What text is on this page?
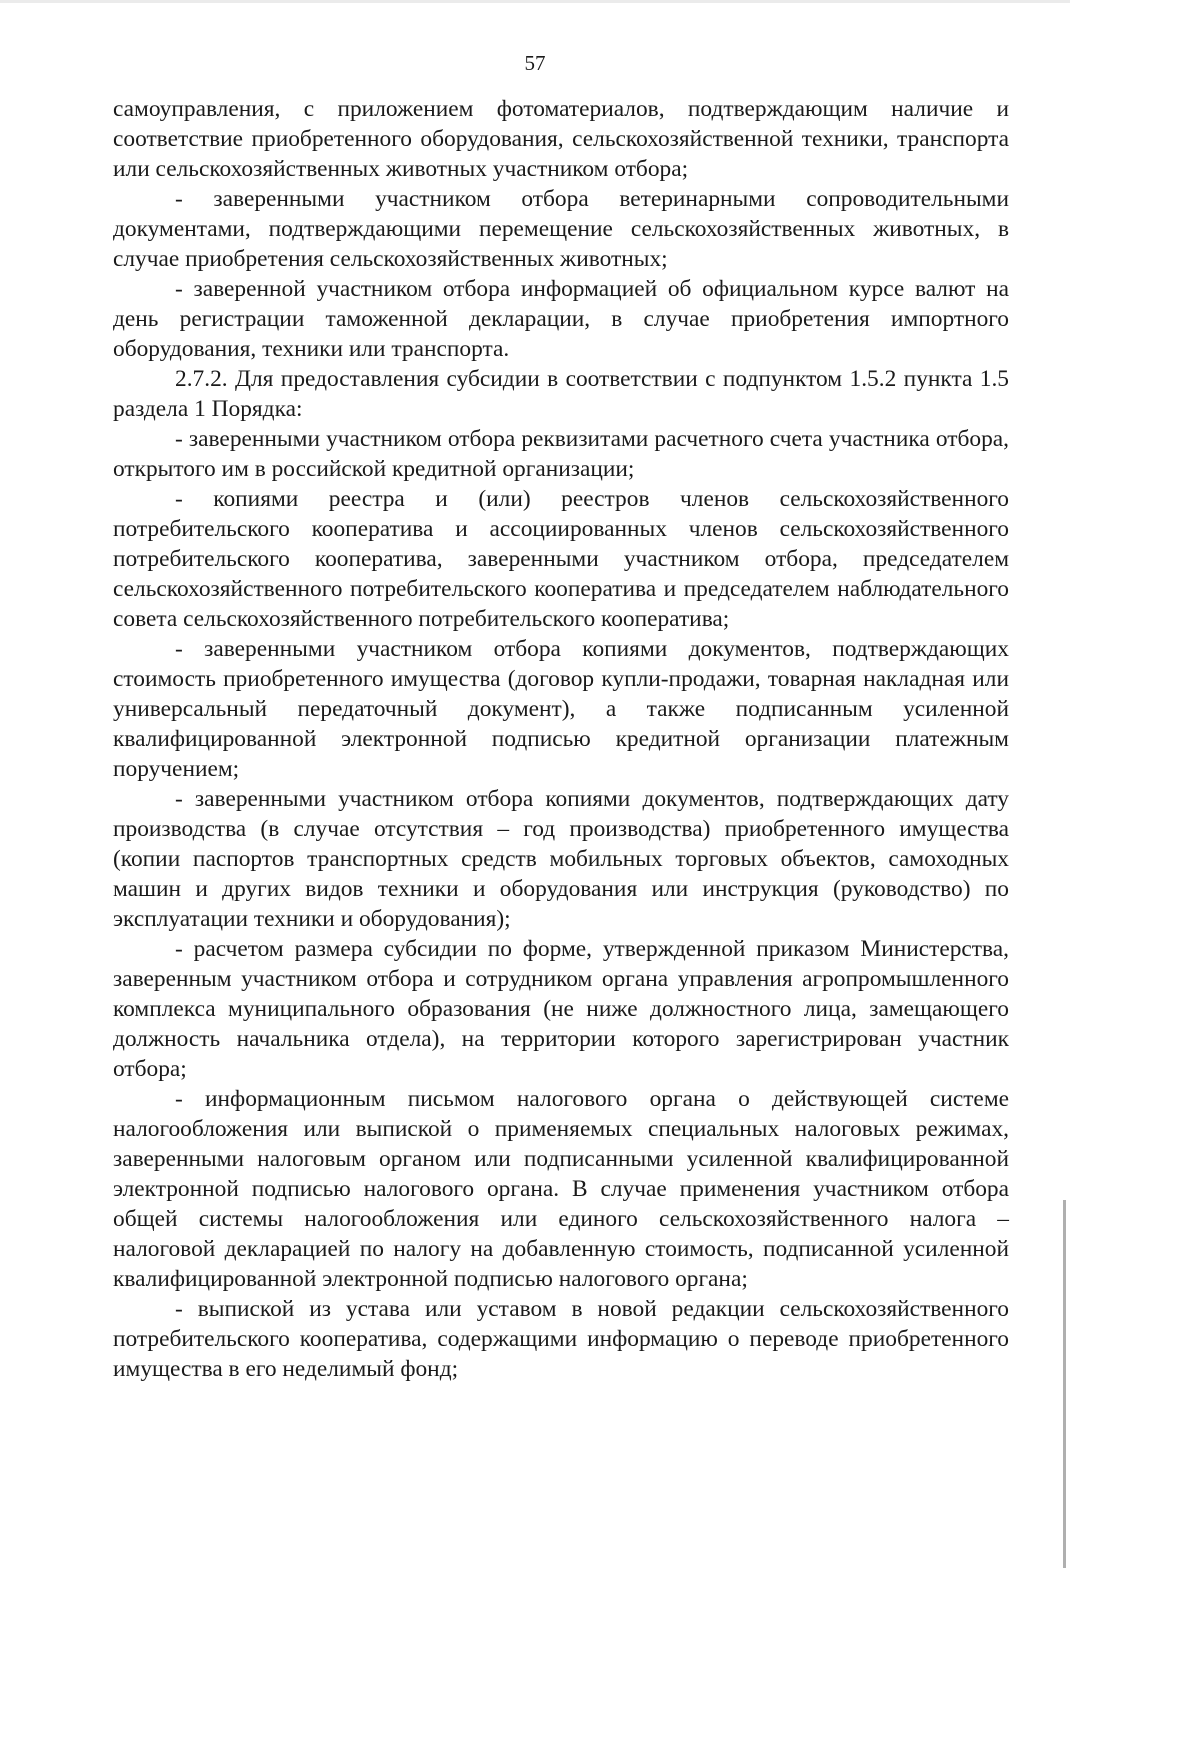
57

самоуправления, с приложением фотоматериалов, подтверждающим наличие и соответствие приобретенного оборудования, сельскохозяйственной техники, транспорта или сельскохозяйственных животных участником отбора;

- заверенными участником отбора ветеринарными сопроводительными документами, подтверждающими перемещение сельскохозяйственных животных, в случае приобретения сельскохозяйственных животных;

- заверенной участником отбора информацией об официальном курсе валют на день регистрации таможенной декларации, в случае приобретения импортного оборудования, техники или транспорта.

2.7.2. Для предоставления субсидии в соответствии с подпунктом 1.5.2 пункта 1.5 раздела 1 Порядка:

- заверенными участником отбора реквизитами расчетного счета участника отбора, открытого им в российской кредитной организации;

- копиями реестра и (или) реестров членов сельскохозяйственного потребительского кооператива и ассоциированных членов сельскохозяйственного потребительского кооператива, заверенными участником отбора, председателем сельскохозяйственного потребительского кооператива и председателем наблюдательного совета сельскохозяйственного потребительского кооператива;

- заверенными участником отбора копиями документов, подтверждающих стоимость приобретенного имущества (договор купли-продажи, товарная накладная или универсальный передаточный документ), а также подписанным усиленной квалифицированной электронной подписью кредитной организации платежным поручением;

- заверенными участником отбора копиями документов, подтверждающих дату производства (в случае отсутствия – год производства) приобретенного имущества (копии паспортов транспортных средств мобильных торговых объектов, самоходных машин и других видов техники и оборудования или инструкция (руководство) по эксплуатации техники и оборудования);

- расчетом размера субсидии по форме, утвержденной приказом Министерства, заверенным участником отбора и сотрудником органа управления агропромышленного комплекса муниципального образования (не ниже должностного лица, замещающего должность начальника отдела), на территории которого зарегистрирован участник отбора;

- информационным письмом налогового органа о действующей системе налогообложения или выпиской о применяемых специальных налоговых режимах, заверенными налоговым органом или подписанными усиленной квалифицированной электронной подписью налогового органа. В случае применения участником отбора общей системы налогообложения или единого сельскохозяйственного налога – налоговой декларацией по налогу на добавленную стоимость, подписанной усиленной квалифицированной электронной подписью налогового органа;

- выпиской из устава или уставом в новой редакции сельскохозяйственного потребительского кооператива, содержащими информацию о переводе приобретенного имущества в его неделимый фонд;
